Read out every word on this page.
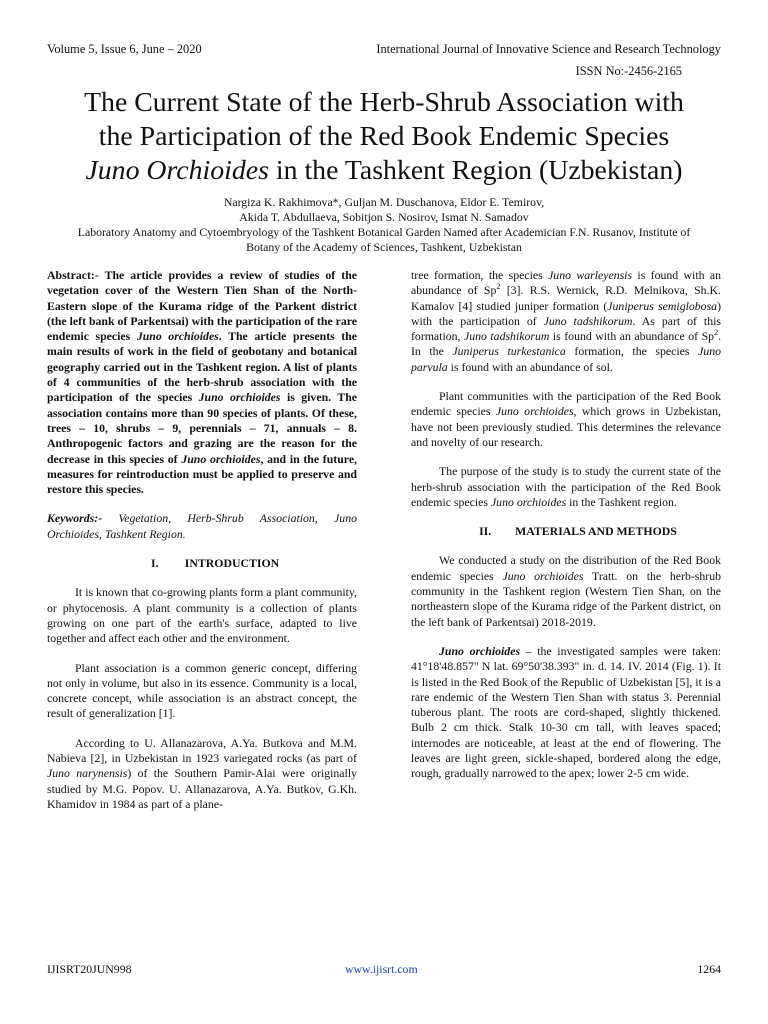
Volume 5, Issue 6, June – 2020	International Journal of Innovative Science and Research Technology
ISSN No:-2456-2165
The Current State of the Herb-Shrub Association with
the Participation of the Red Book Endemic Species
Juno Orchioides in the Tashkent Region (Uzbekistan)
Nargiza K. Rakhimova*, Guljan M. Duschanova, Eldor E. Temirov,
Akida T. Abdullaeva, Sobitjon S. Nosirov, Ismat N. Samadov
Laboratory Anatomy and Cytoembryology of the Tashkent Botanical Garden Named after Academician F.N. Rusanov, Institute of
Botany of the Academy of Sciences, Tashkent, Uzbekistan

Abstract:- The article provides a review of studies of the vegetation cover of the Western Tien Shan of the North-Eastern slope of the Kurama ridge of the Parkent district (the left bank of Parkentsai) with the participation of the rare endemic species Juno orchioides. The article presents the main results of work in the field of geobotany and botanical geography carried out in the Tashkent region. A list of plants of 4 communities of the herb-shrub association with the participation of the species Juno orchioides is given. The association contains more than 90 species of plants. Of these, trees – 10, shrubs – 9, perennials – 71, annuals – 8. Anthropogenic factors and grazing are the reason for the decrease in this species of Juno orchioides, and in the future, measures for reintroduction must be applied to preserve and restore this species.

Keywords:- Vegetation, Herb-Shrub Association, Juno Orchioides, Tashkent Region.

I. INTRODUCTION

It is known that co-growing plants form a plant community, or phytocenosis. A plant community is a collection of plants growing on one part of the earth's surface, adapted to live together and affect each other and the environment.

Plant association is a common generic concept, differing not only in volume, but also in its essence. Community is a local, concrete concept, while association is an abstract concept, the result of generalization [1].

According to U. Allanazarova, A.Ya. Butkova and M.M. Nabieva [2], in Uzbekistan in 1923 variegated rocks (as part of Juno narynensis) of the Southern Pamir-Alai were originally studied by M.G. Popov. U. Allanazarova, A.Ya. Butkov, G.Kh. Khamidov in 1984 as part of a plane-

tree formation, the species Juno warleyensis is found with an abundance of Sp$^2$ [3]. R.S. Wernick, R.D. Melnikova, Sh.K. Kamalov [4] studied juniper formation (Juniperus semiglobosa) with the participation of Juno tadshikorum. As part of this formation, Juno tadshikorum is found with an abundance of Sp$^2$. In the Juniperus turkestanica formation, the species Juno parvula is found with an abundance of sol.

Plant communities with the participation of the Red Book endemic species Juno orchioides, which grows in Uzbekistan, have not been previously studied. This determines the relevance and novelty of our research.

The purpose of the study is to study the current state of the herb-shrub association with the participation of the Red Book endemic species Juno orchioides in the Tashkent region.

II. MATERIALS AND METHODS

We conducted a study on the distribution of the Red Book endemic species Juno orchioides Tratt. on the herb-shrub community in the Tashkent region (Western Tien Shan, on the northeastern slope of the Kurama ridge of the Parkent district, on the left bank of Parkentsai) 2018-2019.

Juno orchioides – the investigated samples were taken: 41°18'48.857" N lat. 69°50'38.393" in. d. 14. IV. 2014 (Fig. 1). It is listed in the Red Book of the Republic of Uzbekistan [5], it is a rare endemic of the Western Tien Shan with status 3. Perennial tuberous plant. The roots are cord-shaped, slightly thickened. Bulb 2 cm thick. Stalk 10-30 cm tall, with leaves spaced; internodes are noticeable, at least at the end of flowering. The leaves are light green, sickle-shaped, bordered along the edge, rough, gradually narrowed to the apex; lower 2-5 cm wide.

IJISRT20JUN998	www.ijisrt.com	1264
